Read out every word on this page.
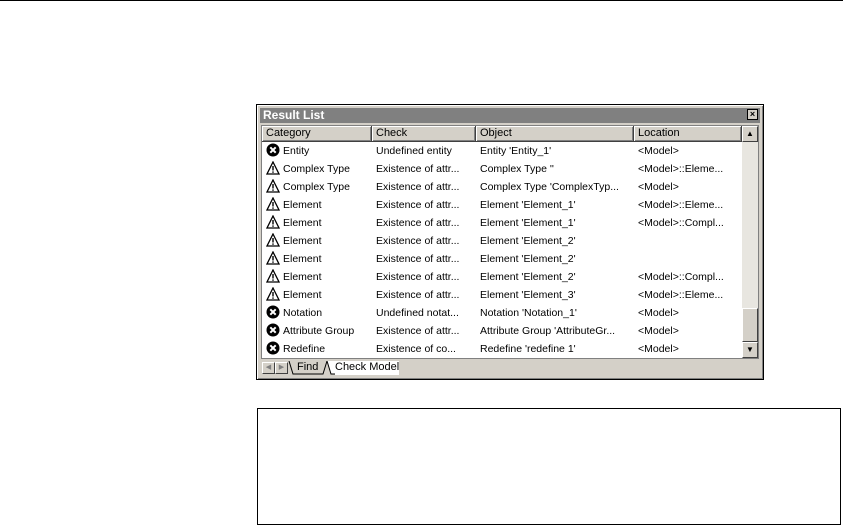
Result List	×
Category	Check	Object	Location
Entity	Undefined entity	Entity 'Entity_1'	<Model>
Complex Type	Existence of attr...	Complex Type ''	<Model>::Eleme...
Complex Type	Existence of attr...	Complex Type 'ComplexTyp...	<Model>
Element	Existence of attr...	Element 'Element_1'	<Model>::Eleme...
Element	Existence of attr...	Element 'Element_1'	<Model>::Compl...
Element	Existence of attr...	Element 'Element_2'
Element	Existence of attr...	Element 'Element_2'
Element	Existence of attr...	Element 'Element_2'	<Model>::Compl...
Element	Existence of attr...	Element 'Element_3'	<Model>::Eleme...
Notation	Undefined notat...	Notation 'Notation_1'	<Model>
Attribute Group	Existence of attr...	Attribute Group 'AttributeGr...	<Model>
Redefine	Existence of co...	Redefine 'redefine 1'	<Model>
▲
▼
◀	▶	Find Check Model
